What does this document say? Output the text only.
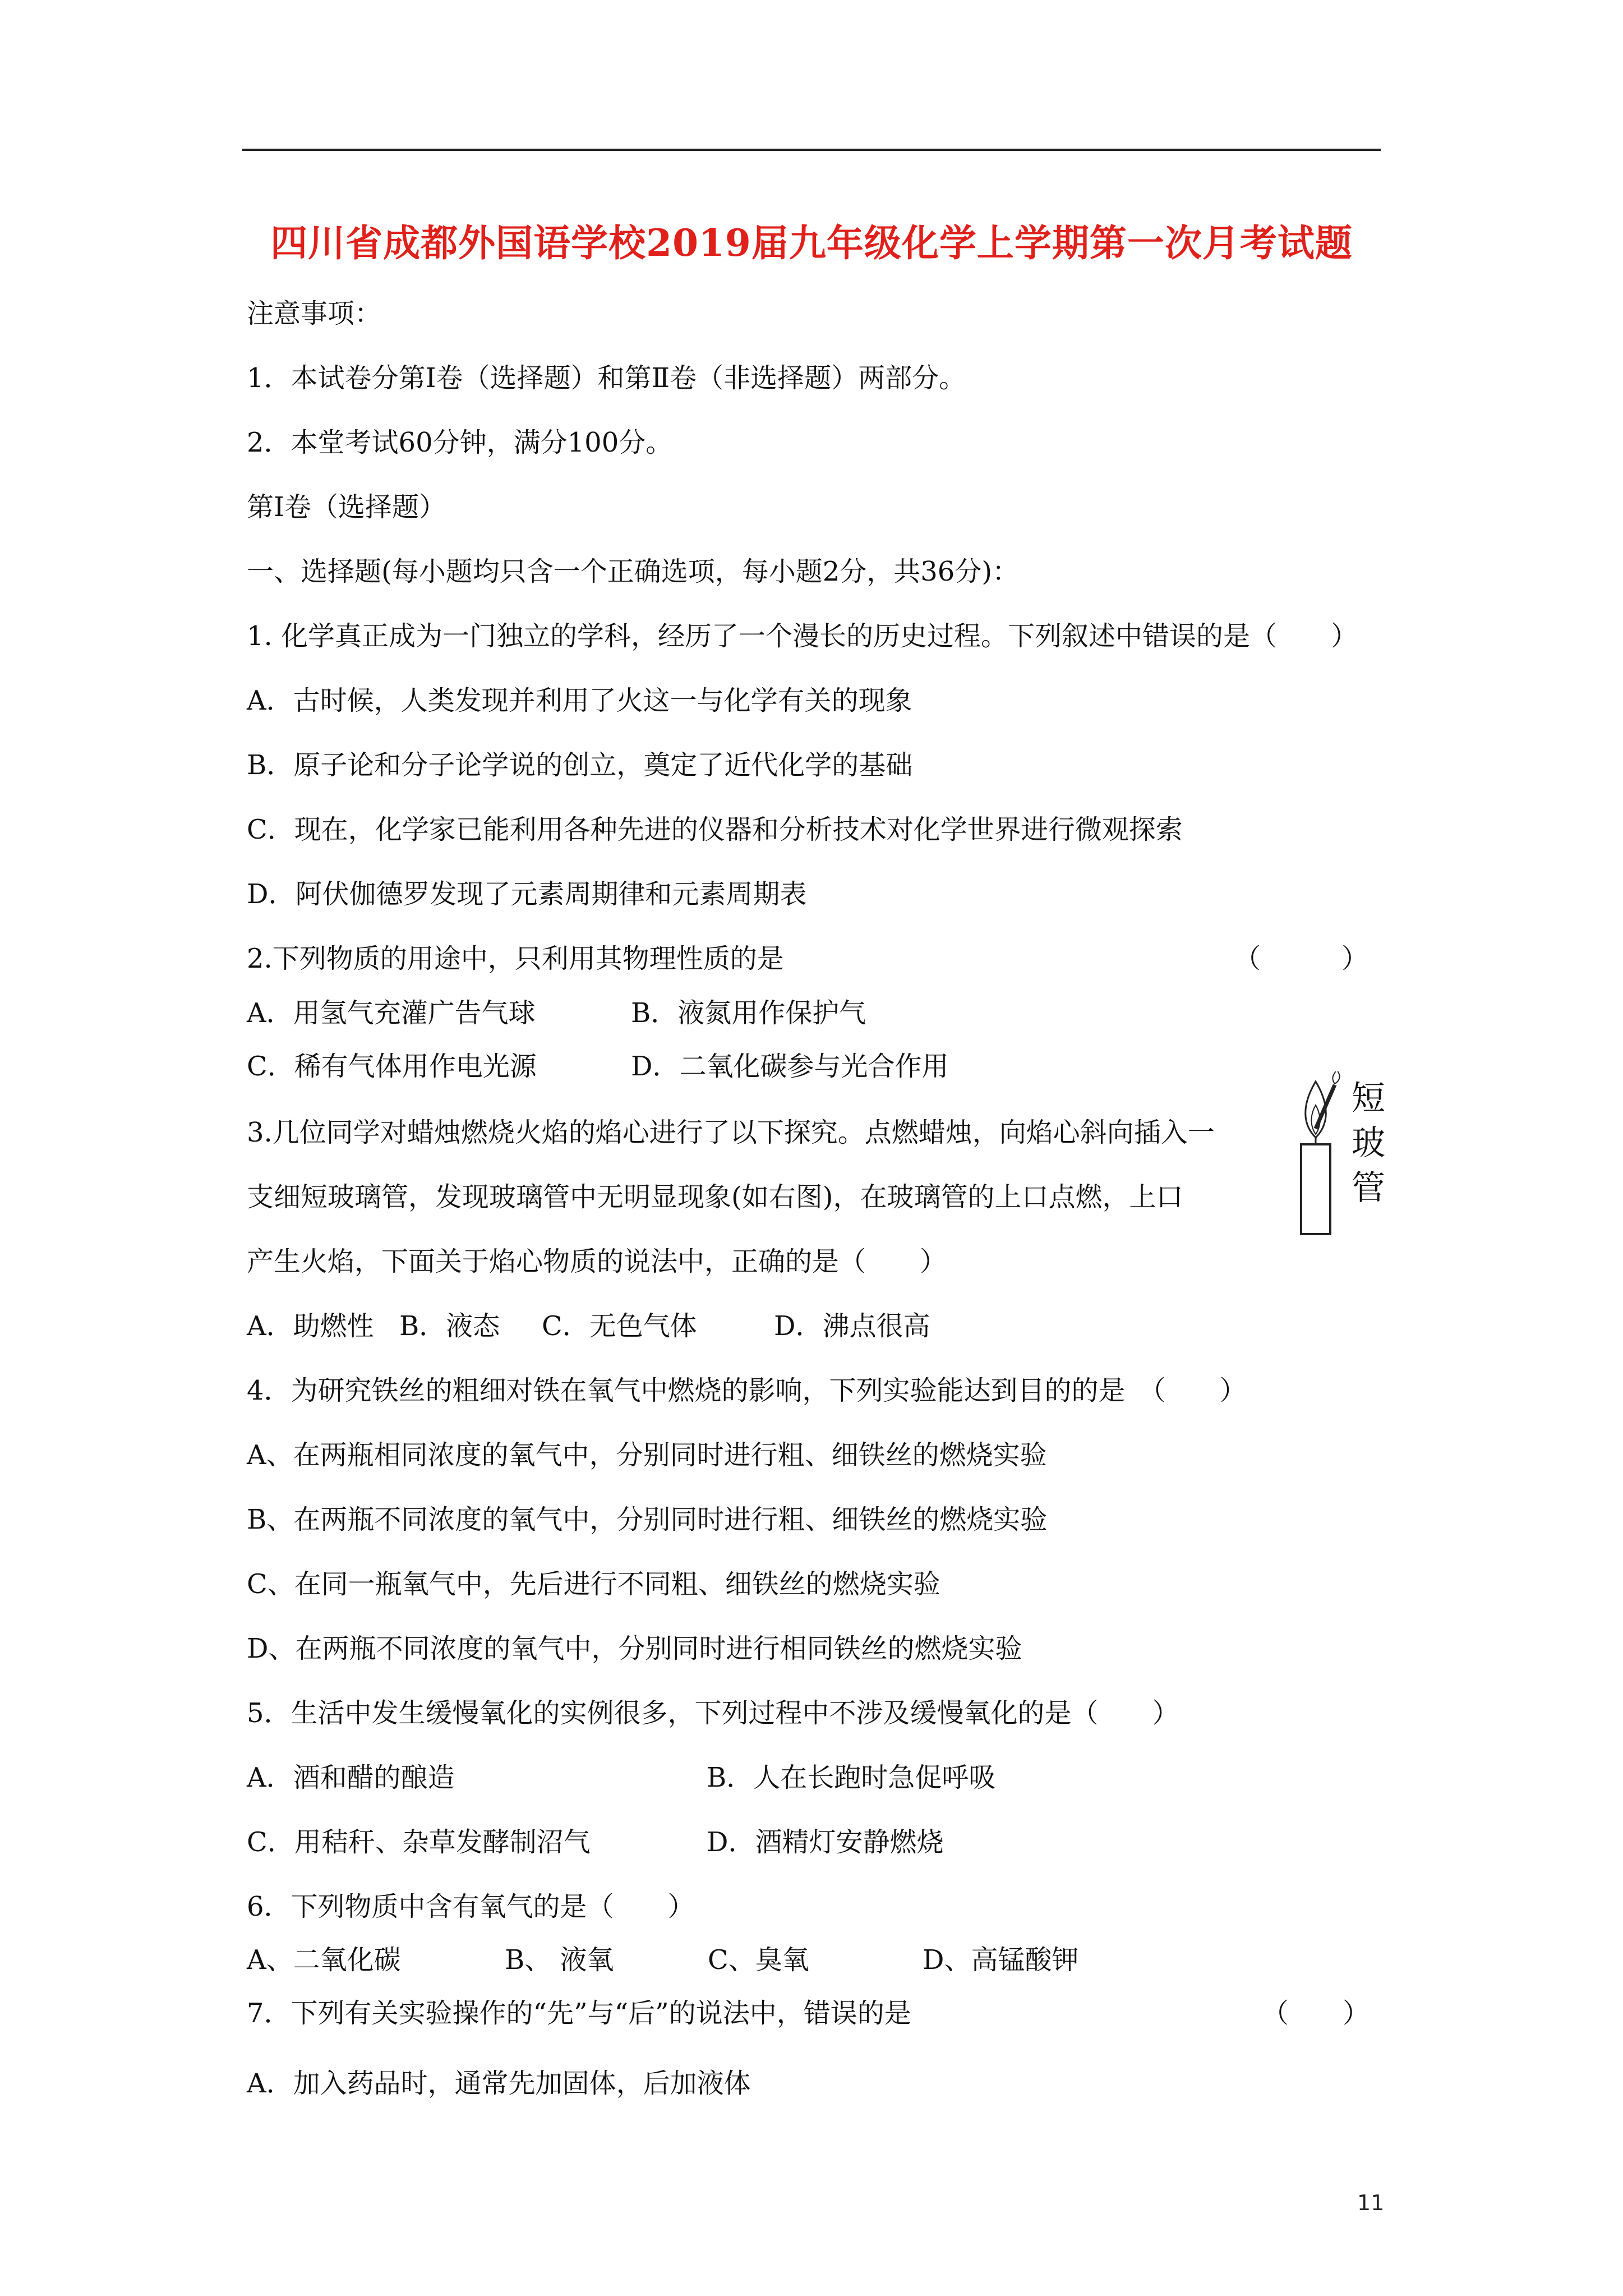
四川省成都外国语学校2019届九年级化学上学期第一次月考试题
注意事项：
1．本试卷分第Ⅰ卷（选择题）和第Ⅱ卷（非选择题）两部分。
2．本堂考试60分钟，满分100分。
第Ⅰ卷（选择题）
一、选择题(每小题均只含一个正确选项，每小题2分，共36分)：
1. 化学真正成为一门独立的学科，经历了一个漫长的历史过程。下列叙述中错误的是（　　）
A．古时候，人类发现并利用了火这一与化学有关的现象
B．原子论和分子论学说的创立，奠定了近代化学的基础
C．现在，化学家已能利用各种先进的仪器和分析技术对化学世界进行微观探索
D．阿伏伽德罗发现了元素周期律和元素周期表
2.下列物质的用途中，只利用其物理性质的是	（　　　）
A．用氢气充灌广告气球	B．液氮用作保护气
C．稀有气体用作电光源	D．二氧化碳参与光合作用
3.几位同学对蜡烛燃烧火焰的焰心进行了以下探究。点燃蜡烛，向焰心斜向插入一
支细短玻璃管，发现玻璃管中无明显现象(如右图)，在玻璃管的上口点燃，上口
产生火焰，下面关于焰心物质的说法中，正确的是（　　）
短
玻
管
A．助燃性 B．液态 C．无色气体	D．沸点很高
4．为研究铁丝的粗细对铁在氧气中燃烧的影响，下列实验能达到目的的是　（　　）
A、在两瓶相同浓度的氧气中，分别同时进行粗、细铁丝的燃烧实验
B、在两瓶不同浓度的氧气中，分别同时进行粗、细铁丝的燃烧实验
C、在同一瓶氧气中，先后进行不同粗、细铁丝的燃烧实验
D、在两瓶不同浓度的氧气中，分别同时进行相同铁丝的燃烧实验
5．生活中发生缓慢氧化的实例很多，下列过程中不涉及缓慢氧化的是（　　）
A．酒和醋的酿造	B．人在长跑时急促呼吸
C．用秸秆、杂草发酵制沼气	D．酒精灯安静燃烧
6．下列物质中含有氧气的是（　　）
A、二氧化碳	B、 液氧	C、臭氧	D、高锰酸钾
7．下列有关实验操作的“先”与“后”的说法中，错误的是	（　　）
A．加入药品时，通常先加固体，后加液体
11
